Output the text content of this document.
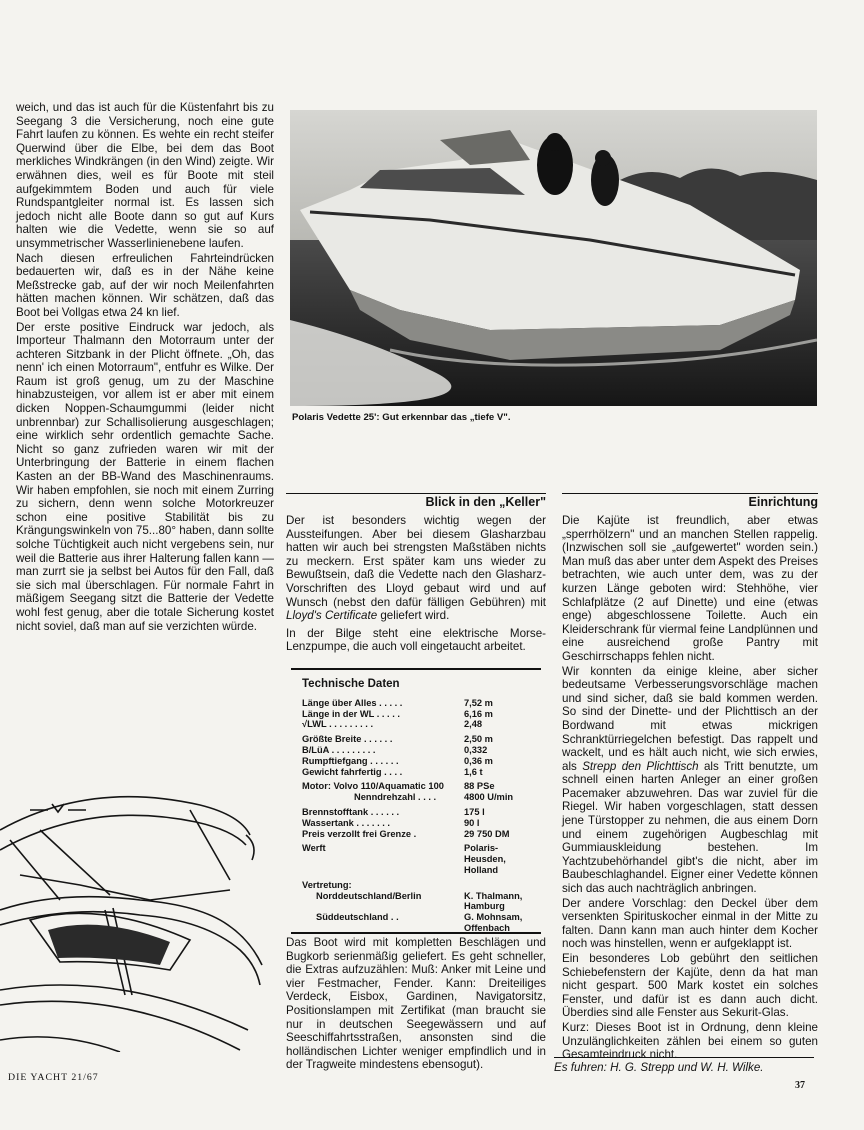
weich, und das ist auch für die Küstenfahrt bis zu Seegang 3 die Versicherung, noch eine gute Fahrt laufen zu können. Es wehte ein recht steifer Querwind über die Elbe, bei dem das Boot merkliches Windkrängen (in den Wind) zeigte. Wir erwähnen dies, weil es für Boote mit steil aufgekimmtem Boden und auch für viele Rundspantgleiter normal ist. Es lassen sich jedoch nicht alle Boote dann so gut auf Kurs halten wie die Vedette, wenn sie so auf unsymmetrischer Wasserlinienebene laufen.

Nach diesen erfreulichen Fahrteindrücken bedauerten wir, daß es in der Nähe keine Meßstrecke gab, auf der wir noch Meilenfahrten hätten machen können. Wir schätzen, daß das Boot bei Vollgas etwa 24 kn lief.

Der erste positive Eindruck war jedoch, als Importeur Thalmann den Motorraum unter der achteren Sitzbank in der Plicht öffnete. „Oh, das nenn' ich einen Motorraum", entfuhr es Wilke. Der Raum ist groß genug, um zu der Maschine hinabzusteigen, vor allem ist er aber mit einem dicken Noppen-Schaumgummi (leider nicht unbrennbar) zur Schallisolierung ausgeschlagen; eine wirklich sehr ordentlich gemachte Sache. Nicht so ganz zufrieden waren wir mit der Unterbringung der Batterie in einem flachen Kasten an der BB-Wand des Maschinenraums. Wir haben empfohlen, sie noch mit einem Zurring zu sichern, denn wenn solche Motorkreuzer schon eine positive Stabilität bis zu Krängungswinkeln von 75...80° haben, dann sollte solche Tüchtigkeit auch nicht vergebens sein, nur weil die Batterie aus ihrer Halterung fallen kann — man zurrt sie ja selbst bei Autos für den Fall, daß sie sich mal überschlagen. Für normale Fahrt in mäßigem Seegang sitzt die Batterie der Vedette wohl fest genug, aber die totale Sicherung kostet nicht soviel, daß man auf sie verzichten würde.

Polaris Vedette 25': Gut erkennbar das „tiefe V".
Blick in den „Keller"

Der ist besonders wichtig wegen der Aussteifungen. Aber bei diesem Glasharzbau hatten wir auch bei strengsten Maßstäben nichts zu meckern. Erst später kam uns wieder zu Bewußtsein, daß die Vedette nach den Glasharz-Vorschriften des Lloyd gebaut wird und auf Wunsch (nebst den dafür fälligen Gebühren) mit Lloyd's Certificate geliefert wird.

In der Bilge steht eine elektrische Morse-Lenzpumpe, die auch voll eingetaucht arbeitet.

Technische Daten
Länge über Alles . . . . .	7,52 m
Länge in der WL . . . . .	6,16 m
√LWL . . . . . . . . .	2,48
Größte Breite . . . . . .	2,50 m
B/LüA . . . . . . . . .	0,332
Rumpftiefgang . . . . . .	0,36 m
Gewicht fahrfertig . . . .	1,6 t
Motor: Volvo 110/Aquamatic 100	88 PSe
Nenndrehzahl . . . .	4800 U/min
Brennstofftank . . . . . .	175 l
Wassertank . . . . . . .	90 l
Preis verzollt frei Grenze .	29 750 DM
Werft	Polaris-Heusden, Holland
Vertretung:	
Norddeutschland/Berlin	K. Thalmann, Hamburg
Süddeutschland . .	G. Mohnsam, Offenbach

Das Boot wird mit kompletten Beschlägen und Bugkorb serienmäßig geliefert. Es geht schneller, die Extras aufzuzählen: Muß: Anker mit Leine und vier Festmacher, Fender. Kann: Dreiteiliges Verdeck, Eisbox, Gardinen, Navigatorsitz, Positionslampen mit Zertifikat (man braucht sie nur in deutschen Seegewässern und auf Seeschiffahrtsstraßen, ansonsten sind die holländischen Lichter weniger empfindlich und in der Tragweite mindestens ebensogut).

Einrichtung

Die Kajüte ist freundlich, aber etwas „sperrhölzern" und an manchen Stellen rappelig. (Inzwischen soll sie „aufgewertet" worden sein.) Man muß das aber unter dem Aspekt des Preises betrachten, wie auch unter dem, was zu der kurzen Länge geboten wird: Stehhöhe, vier Schlafplätze (2 auf Dinette) und eine (etwas enge) abgeschlossene Toilette. Auch ein Kleiderschrank für viermal feine Landplünnen und eine ausreichend große Pantry mit Geschirrschapps fehlen nicht.

Wir konnten da einige kleine, aber sicher bedeutsame Verbesserungsvorschläge machen und sind sicher, daß sie bald kommen werden. So sind der Dinette- und der Plichttisch an der Bordwand mit etwas mickrigen Schranktürriegelchen befestigt. Das rappelt und wackelt, und es hält auch nicht, wie sich erwies, als Strepp den Plichttisch als Tritt benutzte, um schnell einen harten Anleger an einer großen Pacemaker abzuwehren. Das war zuviel für die Riegel. Wir haben vorgeschlagen, statt dessen jene Türstopper zu nehmen, die aus einem Dorn und einem zugehörigen Augbeschlag mit Gummiauskleidung bestehen. Im Yachtzubehörhandel gibt's die nicht, aber im Baubeschlaghandel. Eigner einer Vedette können sich das auch nachträglich anbringen.

Der andere Vorschlag: den Deckel über dem versenkten Spirituskocher einmal in der Mitte zu falten. Dann kann man auch hinter dem Kocher noch was hinstellen, wenn er aufgeklappt ist.

Ein besonderes Lob gebührt den seitlichen Schiebefenstern der Kajüte, denn da hat man nicht gespart. 500 Mark kostet ein solches Fenster, und dafür ist es dann auch dicht. Überdies sind alle Fenster aus Sekurit-Glas.

Kurz: Dieses Boot ist in Ordnung, denn kleine Unzulänglichkeiten zählen bei einem so guten Gesamteindruck nicht.

Es fuhren: H. G. Strepp und W. H. Wilke.
DIE YACHT 21/67
37
